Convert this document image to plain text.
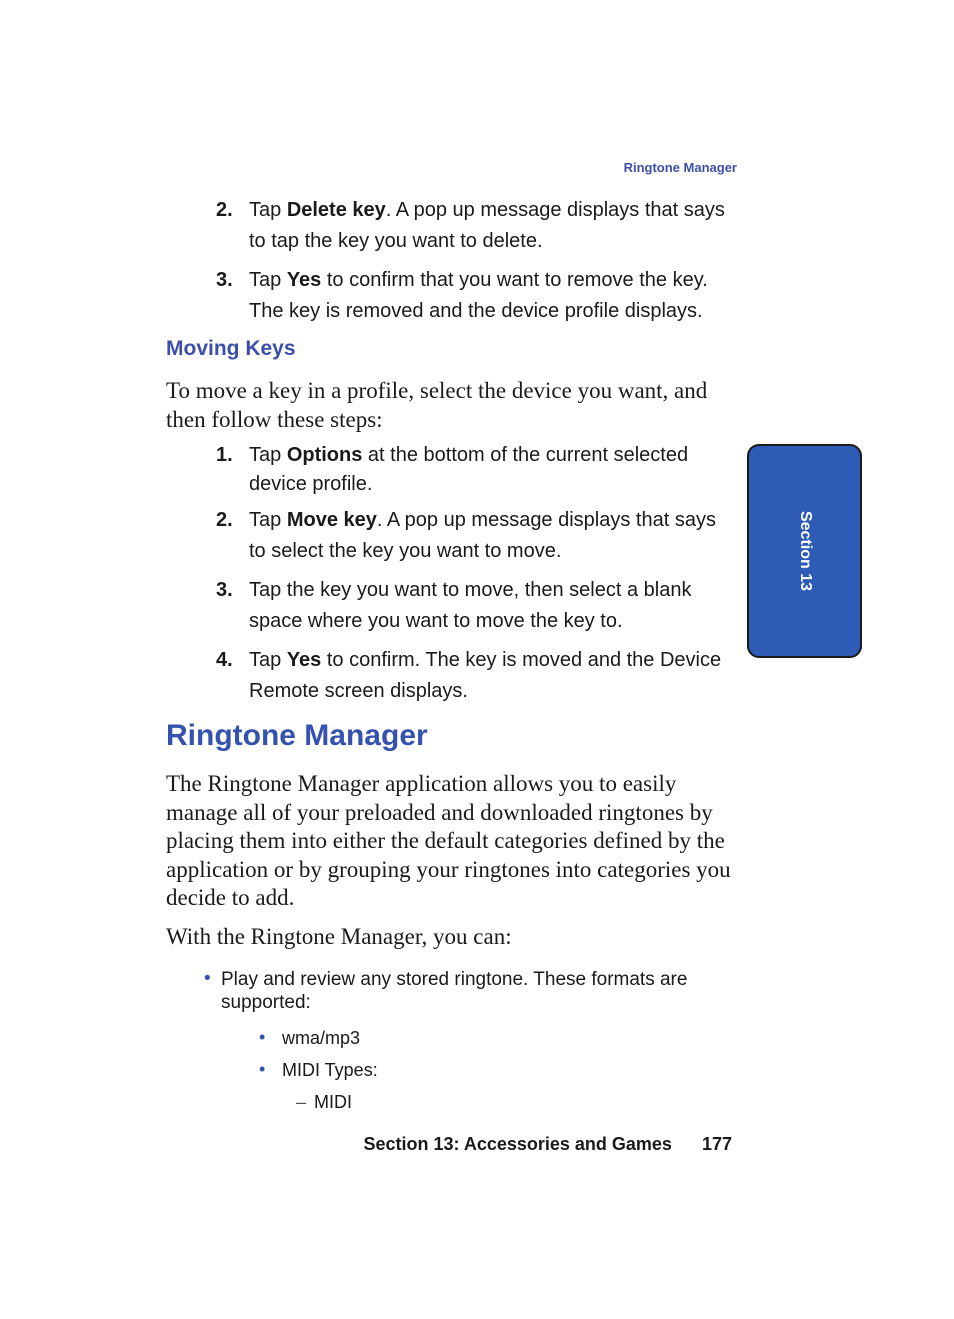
Ringtone Manager
2. Tap Delete key. A pop up message displays that says to tap the key you want to delete.
3. Tap Yes to confirm that you want to remove the key. The key is removed and the device profile displays.
Moving Keys
To move a key in a profile, select the device you want, and then follow these steps:
1. Tap Options at the bottom of the current selected device profile.
2. Tap Move key. A pop up message displays that says to select the key you want to move.
3. Tap the key you want to move, then select a blank space where you want to move the key to.
4. Tap Yes to confirm. The key is moved and the Device Remote screen displays.
Ringtone Manager
The Ringtone Manager application allows you to easily manage all of your preloaded and downloaded ringtones by placing them into either the default categories defined by the application or by grouping your ringtones into categories you decide to add.
With the Ringtone Manager, you can:
• Play and review any stored ringtone. These formats are supported:
• wma/mp3
• MIDI Types:
– MIDI
Section 13: Accessories and Games 177
Section 13
